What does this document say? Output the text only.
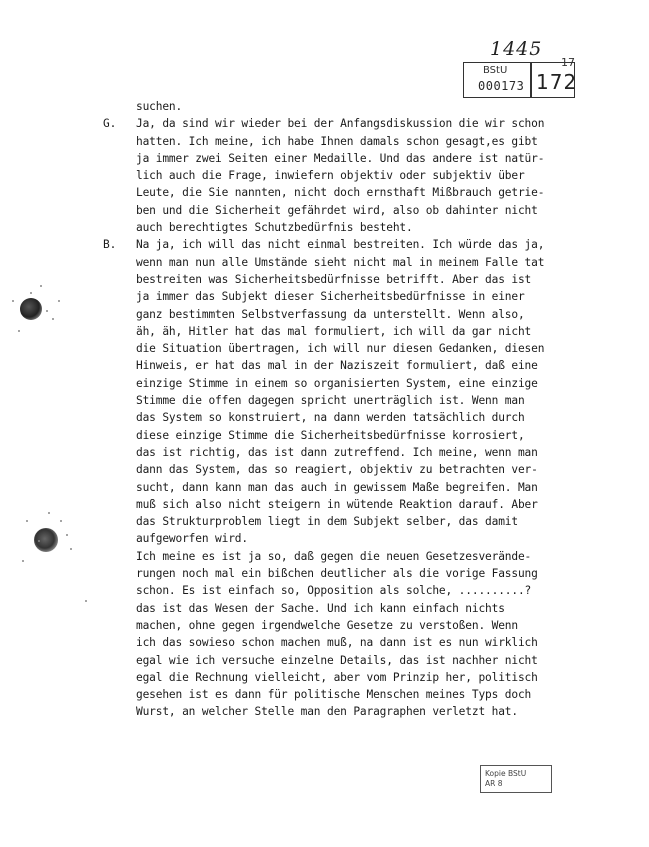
1445
17
BStU
000173 172
suchen.
G. Ja, da sind wir wieder bei der Anfangsdiskussion die wir schon
hatten. Ich meine, ich habe Ihnen damals schon gesagt,es gibt
ja immer zwei Seiten einer Medaille. Und das andere ist natür-
lich auch die Frage, inwiefern objektiv oder subjektiv über
Leute, die Sie nannten, nicht doch ernsthaft Mißbrauch getrie-
ben und die Sicherheit gefährdet wird, also ob dahinter nicht
auch berechtigtes Schutzbedürfnis besteht.
B. Na ja, ich will das nicht einmal bestreiten. Ich würde das ja,
wenn man nun alle Umstände sieht nicht mal in meinem Falle tat
bestreiten was Sicherheitsbedürfnisse betrifft. Aber das ist
ja immer das Subjekt dieser Sicherheitsbedürfnisse in einer
ganz bestimmten Selbstverfassung da unterstellt. Wenn also,
äh, äh, Hitler hat das mal formuliert, ich will da gar nicht
die Situation übertragen, ich will nur diesen Gedanken, diesen
Hinweis, er hat das mal in der Naziszeit formuliert, daß eine
einzige Stimme in einem so organisierten System, eine einzige
Stimme die offen dagegen spricht unerträglich ist. Wenn man
das System so konstruiert, na dann werden tatsächlich durch
diese einzige Stimme die Sicherheitsbedürfnisse korrosiert,
das ist richtig, das ist dann zutreffend. Ich meine, wenn man
dann das System, das so reagiert, objektiv zu betrachten ver-
sucht, dann kann man das auch in gewissem Maße begreifen. Man
muß sich also nicht steigern in wütende Reaktion darauf. Aber
das Strukturproblem liegt in dem Subjekt selber, das damit
aufgeworfen wird.
Ich meine es ist ja so, daß gegen die neuen Gesetzesverände-
rungen noch mal ein bißchen deutlicher als die vorige Fassung
schon. Es ist einfach so, Opposition als solche, ..........?
das ist das Wesen der Sache. Und ich kann einfach nichts
machen, ohne gegen irgendwelche Gesetze zu verstoßen. Wenn
ich das sowieso schon machen muß, na dann ist es nun wirklich
egal wie ich versuche einzelne Details, das ist nachher nicht
egal die Rechnung vielleicht, aber vom Prinzip her, politisch
gesehen ist es dann für politische Menschen meines Typs doch
Wurst, an welcher Stelle man den Paragraphen verletzt hat.
Kopie BStU
AR 8
